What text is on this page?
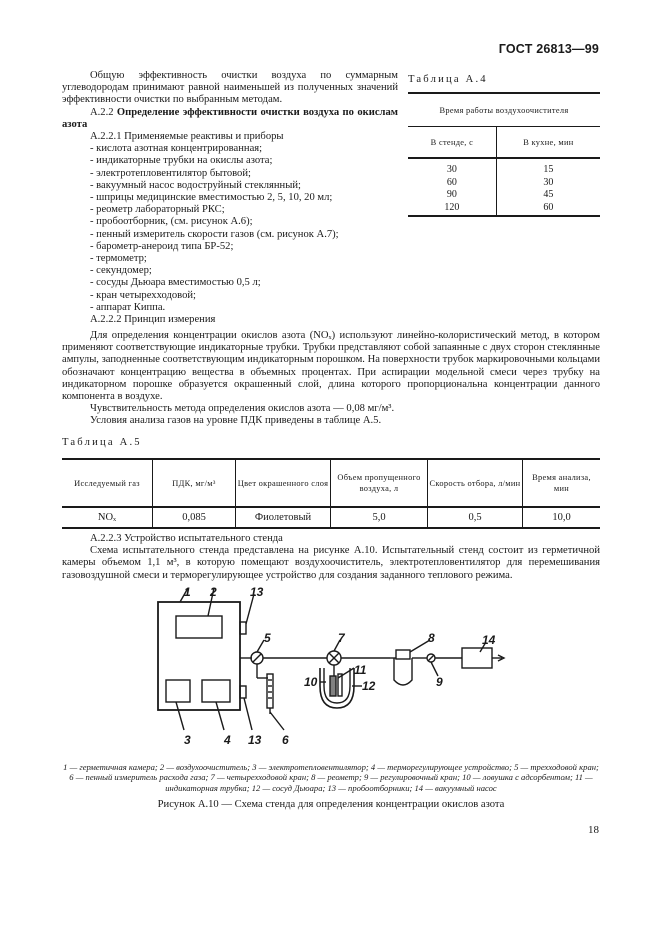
ГОСТ 26813—99

Общую эффективность очистки воздуха по суммарным углеводородам принимают равной наименьшей из полученных значений эффективности очистки по выбранным методам.

А.2.2 Определение эффективности очистки воздуха по окислам азота

А.2.2.1 Применяемые реактивы и приборы

- кислота азотная концентрированная;

- индикаторные трубки на окислы азота;

- электротепловентилятор бытовой;

- вакуумный насос водоструйный стеклянный;

- шприцы медицинские вместимостью 2, 5, 10, 20 мл;

- реометр лабораторный РКС;

- пробоотборник, (см. рисунок А.6);

- пенный измеритель скорости газов (см. рисунок А.7);

- барометр-анероид типа БР-52;

- термометр;

- секундомер;

- сосуды Дьюара вместимостью 0,5 л;

- кран четырехходовой;

- аппарат Киппа.

А.2.2.2 Принцип измерения

Таблица А.4
Время работы воздухоочистителя	
В стенде, с	В кухне, мин
30	15
60	30
90	45
120	60

Для определения концентрации окислов азота (NOₓ) используют линейно-колористический метод, в котором применяют соответствующие индикаторные трубки. Трубки представляют собой запаянные с двух сторон стеклянные ампулы, заподненные соответствующим индикаторным порошком. На поверхности трубок маркировочными кольцами обозначают концентрацию вещества в объемных процентах. При аспирации модельной смеси через трубку на индикаторном порошке образуется окрашенный слой, длина которого пропорциональна концентрации данного компонента в воздухе.

Чувствительность метода определения окислов азота — 0,08 мг/м³.

Условия анализа газов на уровне ПДК приведены в таблице А.5.

Таблица А.5
Исследуемый газ	ПДК, мг/м³	Цвет окрашенного слоя	Объем пропущенного воздуха, л	Скорость отбора, л/мин	Время анализа, мин
NOₓ	0,085	Фиолетовый	5,0	0,5	10,0

А.2.2.3 Устройство испытательного стенда

Схема испытательного стенда представлена на рисунке А.10. Испытательный стенд состоит из герметичной камеры объемом 1,1 м³, в которую помещают воздухоочиститель, электротепловентилятор для перемешивания газовоздушной смеси и терморегулирующее устройство для создания заданного теплового режима.

1 2	13
5	7	8	14
11
10	12	9
3	4 13 6
1 — герметичная камера; 2 — воздухоочиститель; 3 — электротепловентилятор; 4 — терморегулирующее устройство; 5 — трехходовой кран; 6 — пенный измеритель расхода газа; 7 — четырехходовой кран; 8 — реометр; 9 — регулировочный кран; 10 — ловушка с адсорбентом; 11 — индикаторная трубка; 12 — сосуд Дьюара; 13 — пробоотборники; 14 — вакуумный насос
Рисунок А.10 — Схема стенда для определения концентрации окислов азота
18
